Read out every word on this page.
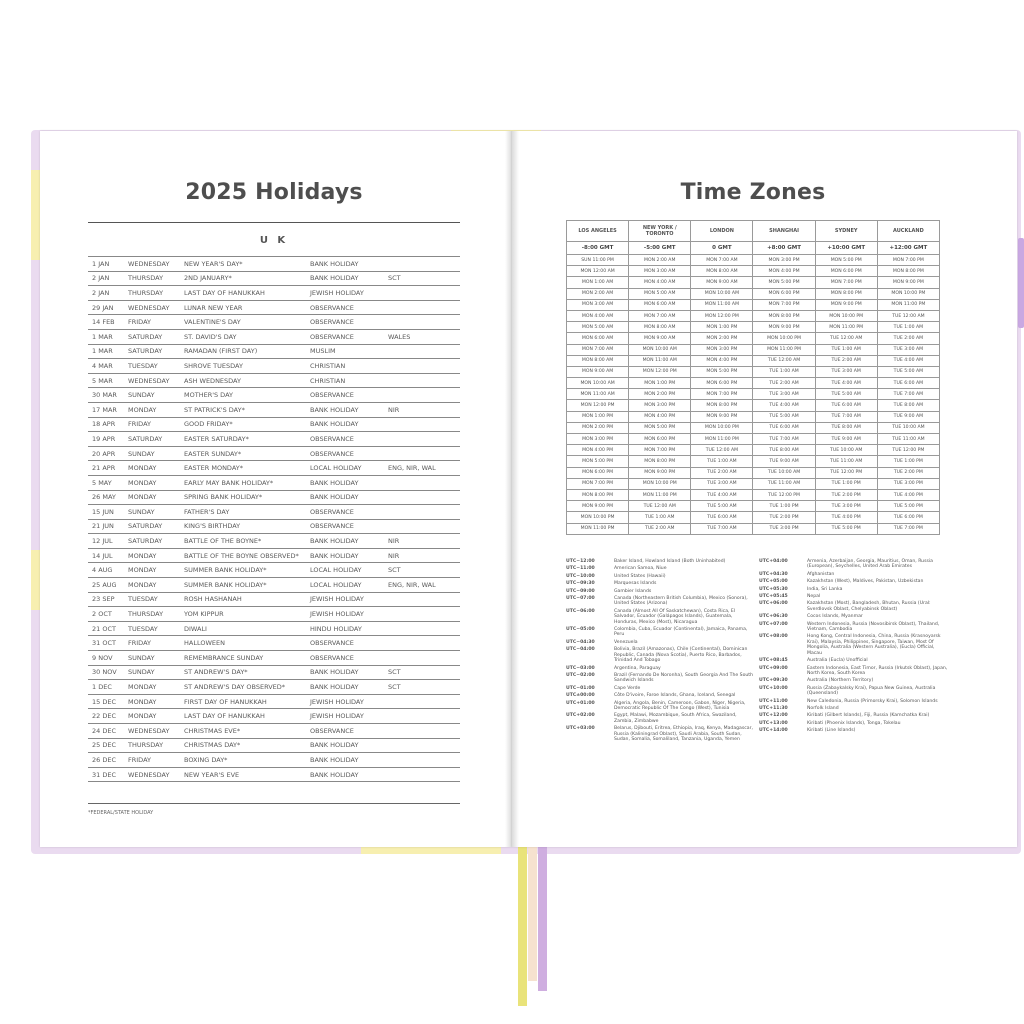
2025 Holidays
U K
1 JAN	WEDNESDAY	NEW YEAR'S DAY*	BANK HOLIDAY	
2 JAN	THURSDAY	2ND JANUARY*	BANK HOLIDAY	SCT
2 JAN	THURSDAY	LAST DAY OF HANUKKAH	JEWISH HOLIDAY	
29 JAN	WEDNESDAY	LUNAR NEW YEAR	OBSERVANCE	
14 FEB	FRIDAY	VALENTINE'S DAY	OBSERVANCE	
1 MAR	SATURDAY	ST. DAVID'S DAY	OBSERVANCE	WALES
1 MAR	SATURDAY	RAMADAN (FIRST DAY)	MUSLIM	
4 MAR	TUESDAY	SHROVE TUESDAY	CHRISTIAN	
5 MAR	WEDNESDAY	ASH WEDNESDAY	CHRISTIAN	
30 MAR	SUNDAY	MOTHER'S DAY	OBSERVANCE	
17 MAR	MONDAY	ST PATRICK'S DAY*	BANK HOLIDAY	NIR
18 APR	FRIDAY	GOOD FRIDAY*	BANK HOLIDAY	
19 APR	SATURDAY	EASTER SATURDAY*	OBSERVANCE	
20 APR	SUNDAY	EASTER SUNDAY*	OBSERVANCE	
21 APR	MONDAY	EASTER MONDAY*	LOCAL HOLIDAY	ENG, NIR, WAL
5 MAY	MONDAY	EARLY MAY BANK HOLIDAY*	BANK HOLIDAY	
26 MAY	MONDAY	SPRING BANK HOLIDAY*	BANK HOLIDAY	
15 JUN	SUNDAY	FATHER'S DAY	OBSERVANCE	
21 JUN	SATURDAY	KING'S BIRTHDAY	OBSERVANCE	
12 JUL	SATURDAY	BATTLE OF THE BOYNE*	BANK HOLIDAY	NIR
14 JUL	MONDAY	BATTLE OF THE BOYNE OBSERVED*	BANK HOLIDAY	NIR
4 AUG	MONDAY	SUMMER BANK HOLIDAY*	LOCAL HOLIDAY	SCT
25 AUG	MONDAY	SUMMER BANK HOLIDAY*	LOCAL HOLIDAY	ENG, NIR, WAL
23 SEP	TUESDAY	ROSH HASHANAH	JEWISH HOLIDAY	
2 OCT	THURSDAY	YOM KIPPUR	JEWISH HOLIDAY	
21 OCT	TUESDAY	DIWALI	HINDU HOLIDAY	
31 OCT	FRIDAY	HALLOWEEN	OBSERVANCE	
9 NOV	SUNDAY	REMEMBRANCE SUNDAY	OBSERVANCE	
30 NOV	SUNDAY	ST ANDREW'S DAY*	BANK HOLIDAY	SCT
1 DEC	MONDAY	ST ANDREW'S DAY OBSERVED*	BANK HOLIDAY	SCT
15 DEC	MONDAY	FIRST DAY OF HANUKKAH	JEWISH HOLIDAY	
22 DEC	MONDAY	LAST DAY OF HANUKKAH	JEWISH HOLIDAY	
24 DEC	WEDNESDAY	CHRISTMAS EVE*	OBSERVANCE	
25 DEC	THURSDAY	CHRISTMAS DAY*	BANK HOLIDAY	
26 DEC	FRIDAY	BOXING DAY*	BANK HOLIDAY	
31 DEC	WEDNESDAY	NEW YEAR'S EVE	BANK HOLIDAY	
*FEDERAL/STATE HOLIDAY
Time Zones
LOS ANGELES	NEW YORK / TORONTO	LONDON	SHANGHAI	SYDNEY	AUCKLAND
-8:00 GMT	-5:00 GMT	0 GMT	+8:00 GMT	+10:00 GMT	+12:00 GMT
SUN 11:00 PM	MON 2:00 AM	MON 7:00 AM	MON 3:00 PM	MON 5:00 PM	MON 7:00 PM
MON 12:00 AM	MON 3:00 AM	MON 8:00 AM	MON 4:00 PM	MON 6:00 PM	MON 8:00 PM
MON 1:00 AM	MON 4:00 AM	MON 9:00 AM	MON 5:00 PM	MON 7:00 PM	MON 9:00 PM
MON 2:00 AM	MON 5:00 AM	MON 10:00 AM	MON 6:00 PM	MON 8:00 PM	MON 10:00 PM
MON 3:00 AM	MON 6:00 AM	MON 11:00 AM	MON 7:00 PM	MON 9:00 PM	MON 11:00 PM
MON 4:00 AM	MON 7:00 AM	MON 12:00 PM	MON 8:00 PM	MON 10:00 PM	TUE 12:00 AM
MON 5:00 AM	MON 8:00 AM	MON 1:00 PM	MON 9:00 PM	MON 11:00 PM	TUE 1:00 AM
MON 6:00 AM	MON 9:00 AM	MON 2:00 PM	MON 10:00 PM	TUE 12:00 AM	TUE 2:00 AM
MON 7:00 AM	MON 10:00 AM	MON 3:00 PM	MON 11:00 PM	TUE 1:00 AM	TUE 3:00 AM
MON 8:00 AM	MON 11:00 AM	MON 4:00 PM	TUE 12:00 AM	TUE 2:00 AM	TUE 4:00 AM
MON 9:00 AM	MON 12:00 PM	MON 5:00 PM	TUE 1:00 AM	TUE 3:00 AM	TUE 5:00 AM
MON 10:00 AM	MON 1:00 PM	MON 6:00 PM	TUE 2:00 AM	TUE 4:00 AM	TUE 6:00 AM
MON 11:00 AM	MON 2:00 PM	MON 7:00 PM	TUE 3:00 AM	TUE 5:00 AM	TUE 7:00 AM
MON 12:00 PM	MON 3:00 PM	MON 8:00 PM	TUE 4:00 AM	TUE 6:00 AM	TUE 8:00 AM
MON 1:00 PM	MON 4:00 PM	MON 9:00 PM	TUE 5:00 AM	TUE 7:00 AM	TUE 9:00 AM
MON 2:00 PM	MON 5:00 PM	MON 10:00 PM	TUE 6:00 AM	TUE 8:00 AM	TUE 10:00 AM
MON 3:00 PM	MON 6:00 PM	MON 11:00 PM	TUE 7:00 AM	TUE 9:00 AM	TUE 11:00 AM
MON 4:00 PM	MON 7:00 PM	TUE 12:00 AM	TUE 8:00 AM	TUE 10:00 AM	TUE 12:00 PM
MON 5:00 PM	MON 8:00 PM	TUE 1:00 AM	TUE 9:00 AM	TUE 11:00 AM	TUE 1:00 PM
MON 6:00 PM	MON 9:00 PM	TUE 2:00 AM	TUE 10:00 AM	TUE 12:00 PM	TUE 2:00 PM
MON 7:00 PM	MON 10:00 PM	TUE 3:00 AM	TUE 11:00 AM	TUE 1:00 PM	TUE 3:00 PM
MON 8:00 PM	MON 11:00 PM	TUE 4:00 AM	TUE 12:00 PM	TUE 2:00 PM	TUE 4:00 PM
MON 9:00 PM	TUE 12:00 AM	TUE 5:00 AM	TUE 1:00 PM	TUE 3:00 PM	TUE 5:00 PM
MON 10:00 PM	TUE 1:00 AM	TUE 6:00 AM	TUE 2:00 PM	TUE 4:00 PM	TUE 6:00 PM
MON 11:00 PM	TUE 2:00 AM	TUE 7:00 AM	TUE 3:00 PM	TUE 5:00 PM	TUE 7:00 PM
UTC−12:00	Baker Island, Howland Island (Both Uninhabited)
UTC−11:00	American Samoa, Niue
UTC−10:00	United States (Hawaii)
UTC−09:30	Marquesas Islands
UTC−09:00	Gambier Islands
UTC−07:00	Canada (Northeastern British Columbia), Mexico (Sonora), United States (Arizona)
UTC−06:00	Canada (Almost All Of Saskatchewan), Costa Rica, El Salvador, Ecuador (Galápagos Islands), Guatemala, Honduras, Mexico (Most), Nicaragua
UTC−05:00	Colombia, Cuba, Ecuador (Continental), Jamaica, Panama, Peru
UTC−04:30	Venezuela
UTC−04:00	Bolivia, Brazil (Amazonas), Chile (Continental), Dominican Republic, Canada (Nova Scotia), Puerto Rico, Barbados, Trinidad And Tobago
UTC−03:00	Argentina, Paraguay
UTC−02:00	Brazil (Fernando De Noronha), South Georgia And The South Sandwich Islands
UTC−01:00	Cape Verde
UTC±00:00	Côte D'ivoire, Faroe Islands, Ghana, Iceland, Senegal
UTC+01:00	Algeria, Angola, Benin, Cameroon, Gabon, Niger, Nigeria, Democratic Republic Of The Congo (West), Tunisia
UTC+02:00	Egypt, Malawi, Mozambique, South Africa, Swaziland, Zambia, Zimbabwe
UTC+03:00	Belarus, Djibouti, Eritrea, Ethiopia, Iraq, Kenya, Madagascar, Russia (Kaliningrad Oblast), Saudi Arabia, South Sudan, Sudan, Somalia, Somaliland, Tanzania, Uganda, Yemen
UTC+04:00	Armenia, Azerbaijan, Georgia, Mauritius, Oman, Russia (European), Seychelles, United Arab Emirates
UTC+04:30	Afghanistan
UTC+05:00	Kazakhstan (West), Maldives, Pakistan, Uzbekistan
UTC+05:30	India, Sri Lanka
UTC+05:45	Nepal
UTC+06:00	Kazakhstan (Most), Bangladesh, Bhutan, Russia (Ural: Sverdlovsk Oblast, Chelyabinsk Oblast)
UTC+06:30	Cocos Islands, Myanmar
UTC+07:00	Western Indonesia, Russia (Novosibirsk Oblast), Thailand, Vietnam, Cambodia
UTC+08:00	Hong Kong, Central Indonesia, China, Russia (Krasnoyarsk Krai), Malaysia, Philippines, Singapore, Taiwan, Most Of Mongolia, Australia (Western Australia), (Eucla) Official, Macau
UTC+08:45	Australia (Eucla) Unofficial
UTC+09:00	Eastern Indonesia, East Timor, Russia (Irkutsk Oblast), Japan, North Korea, South Korea
UTC+09:30	Australia (Northern Territory)
UTC+10:00	Russia (Zabaykalsky Krai), Papua New Guinea, Australia (Queensland)
UTC+11:00	New Caledonia, Russia (Primorsky Krai), Solomon Islands
UTC+11:30	Norfolk Island
UTC+12:00	Kiribati (Gilbert Islands), Fiji, Russia (Kamchatka Krai)
UTC+13:00	Kiribati (Phoenix Islands), Tonga, Tokelau
UTC+14:00	Kiribati (Line Islands)
